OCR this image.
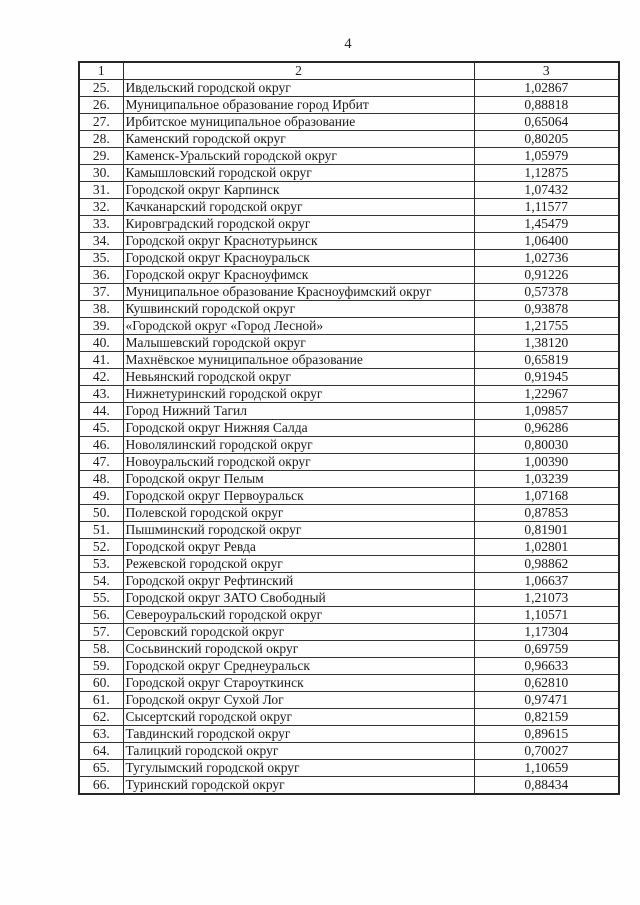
4
1	2	3
25.	Ивдельский городской округ	1,02867
26.	Муниципальное образование город Ирбит	0,88818
27.	Ирбитское муниципальное образование	0,65064
28.	Каменский городской округ	0,80205
29.	Каменск-Уральский городской округ	1,05979
30.	Камышловский городской округ	1,12875
31.	Городской округ Карпинск	1,07432
32.	Качканарский городской округ	1,11577
33.	Кировградский городской округ	1,45479
34.	Городской округ Краснотурьинск	1,06400
35.	Городской округ Красноуральск	1,02736
36.	Городской округ Красноуфимск	0,91226
37.	Муниципальное образование Красноуфимский округ	0,57378
38.	Кушвинский городской округ	0,93878
39.	«Городской округ «Город Лесной»	1,21755
40.	Малышевский городской округ	1,38120
41.	Махнёвское муниципальное образование	0,65819
42.	Невьянский городской округ	0,91945
43.	Нижнетуринский городской округ	1,22967
44.	Город Нижний Тагил	1,09857
45.	Городской округ Нижняя Салда	0,96286
46.	Новолялинский городской округ	0,80030
47.	Новоуральский городской округ	1,00390
48.	Городской округ Пелым	1,03239
49.	Городской округ Первоуральск	1,07168
50.	Полевской городской округ	0,87853
51.	Пышминский городской округ	0,81901
52.	Городской округ Ревда	1,02801
53.	Режевской городской округ	0,98862
54.	Городской округ Рефтинский	1,06637
55.	Городской округ ЗАТО Свободный	1,21073
56.	Североуральский городской округ	1,10571
57.	Серовский городской округ	1,17304
58.	Сосьвинский городской округ	0,69759
59.	Городской округ Среднеуральск	0,96633
60.	Городской округ Староуткинск	0,62810
61.	Городской округ Сухой Лог	0,97471
62.	Сысертский городской округ	0,82159
63.	Тавдинский городской округ	0,89615
64.	Талицкий городской округ	0,70027
65.	Тугулымский городской округ	1,10659
66.	Туринский городской округ	0,88434
